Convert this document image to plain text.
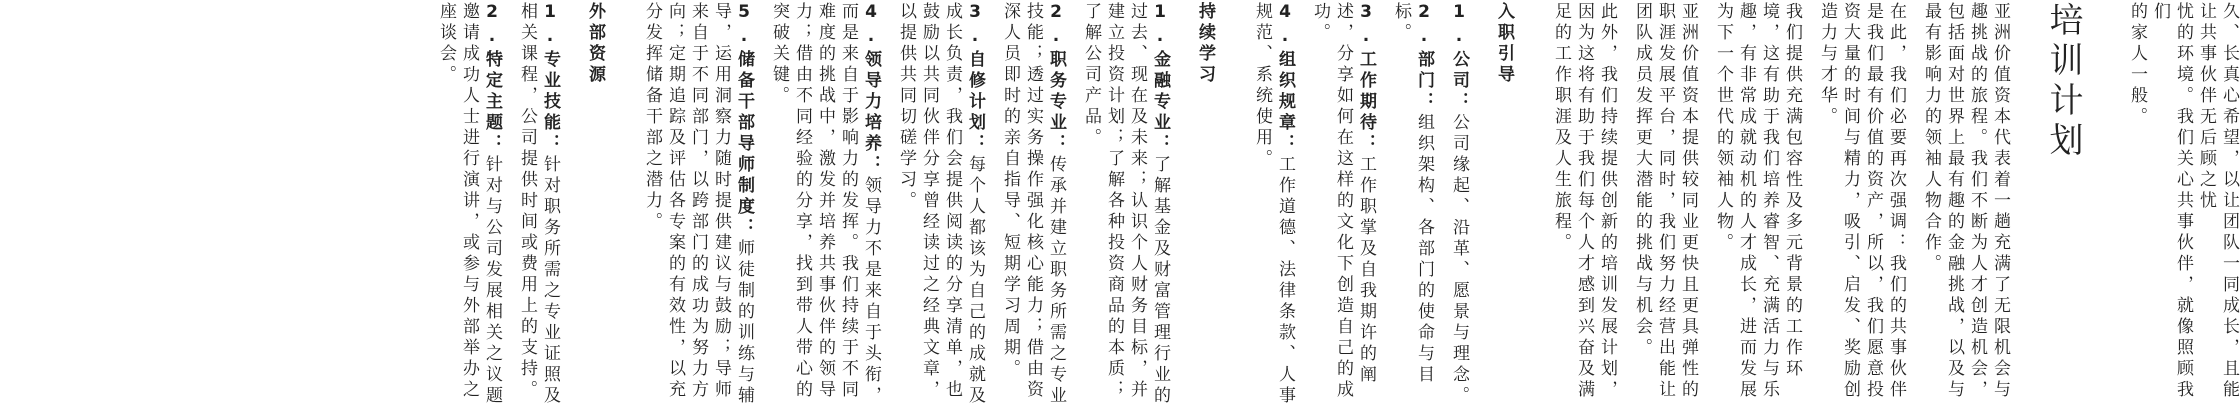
久、长真心希望，以让团队一同成长，且能让共事伙伴无后顾之忧
忧的环境。我们关心共事伙伴，就像照顾我们
的家人一般。
培训计划
亚洲价值资本代表着一趟充满了无限机会与趣挑战的旅程。我们不断为人才创造机会，包括面对世界上最有趣的金融挑战，以及与最有影响力的领袖人物合作。
在此，我们必要再次强调：我们的共事伙伴是我们最有价值的资产，所以，我们愿意投资大量的时间与精力，吸引、启发、奖励创造力与才华。
我们提供充满包容性及多元背景的工作环境，这有助于我们培养睿智、充满活力与乐趣，有非常成就动机的人才成长，进而发展为下一个世代的领袖人物。
亚洲价值资本提供较同业更快且更具弹性的职涯发展平台，同时，我们努力经营出能让团队成员发挥更大潜能的挑战与机会。
此外，我们持续提供创新的培训发展计划，因为这将有助于我们每个人才感到兴奋及满足的工作职涯及人生旅程。
入职引导
1.公司：公司缘起、沿革、愿景与理念。
2.部门：组织架构、各部门的使命与目标。
3.工作期待：工作职掌及自我期许的阐述，分享如何在这样的文化下创造自己的成功。
4.组织规章：工作道德、法律条款、人事规范、系统使用。
持续学习
1.金融专业：了解基金及财富管理行业的过去、现在及未来；认识个人财务目标，并建立投资计划；了解各种投资商品的本质；了解公司产品。
2.职务专业：传承并建立职务所需之专业技能；透过实务操作强化核心能力；借由资深人员即时的亲自指导、短期学习周期。
3.自修计划：每个人都该为自己的成就及成长负责，我们会提供阅读的分享清单，也鼓励以共同伙伴分享曾经读过之经典文章，以提供共同切磋学习。
4.领导力培养：领导力不是来自于头衔，而是来自于影响力的发挥。我们持续于不同难度的挑战中，激发并培养共事伙伴的领导力；借由不同经验的分享，找到带人带心的突破关键。
5.储备干部导师制度：师徒制的训练与辅导，运用洞察力随时提供建议与鼓励；导师来自于不同部门，以跨部门的成功为努力方向；定期追踪及评估各专案的有效性，以充分发挥储备干部之潜力。
外部资源
1.专业技能：针对职务所需之专业证照及相关课程，公司提供时间或费用上的支持。
2.特定主题：针对与公司发展相关之议题邀请成功人士进行演讲，或参与外部举办之座谈会。
